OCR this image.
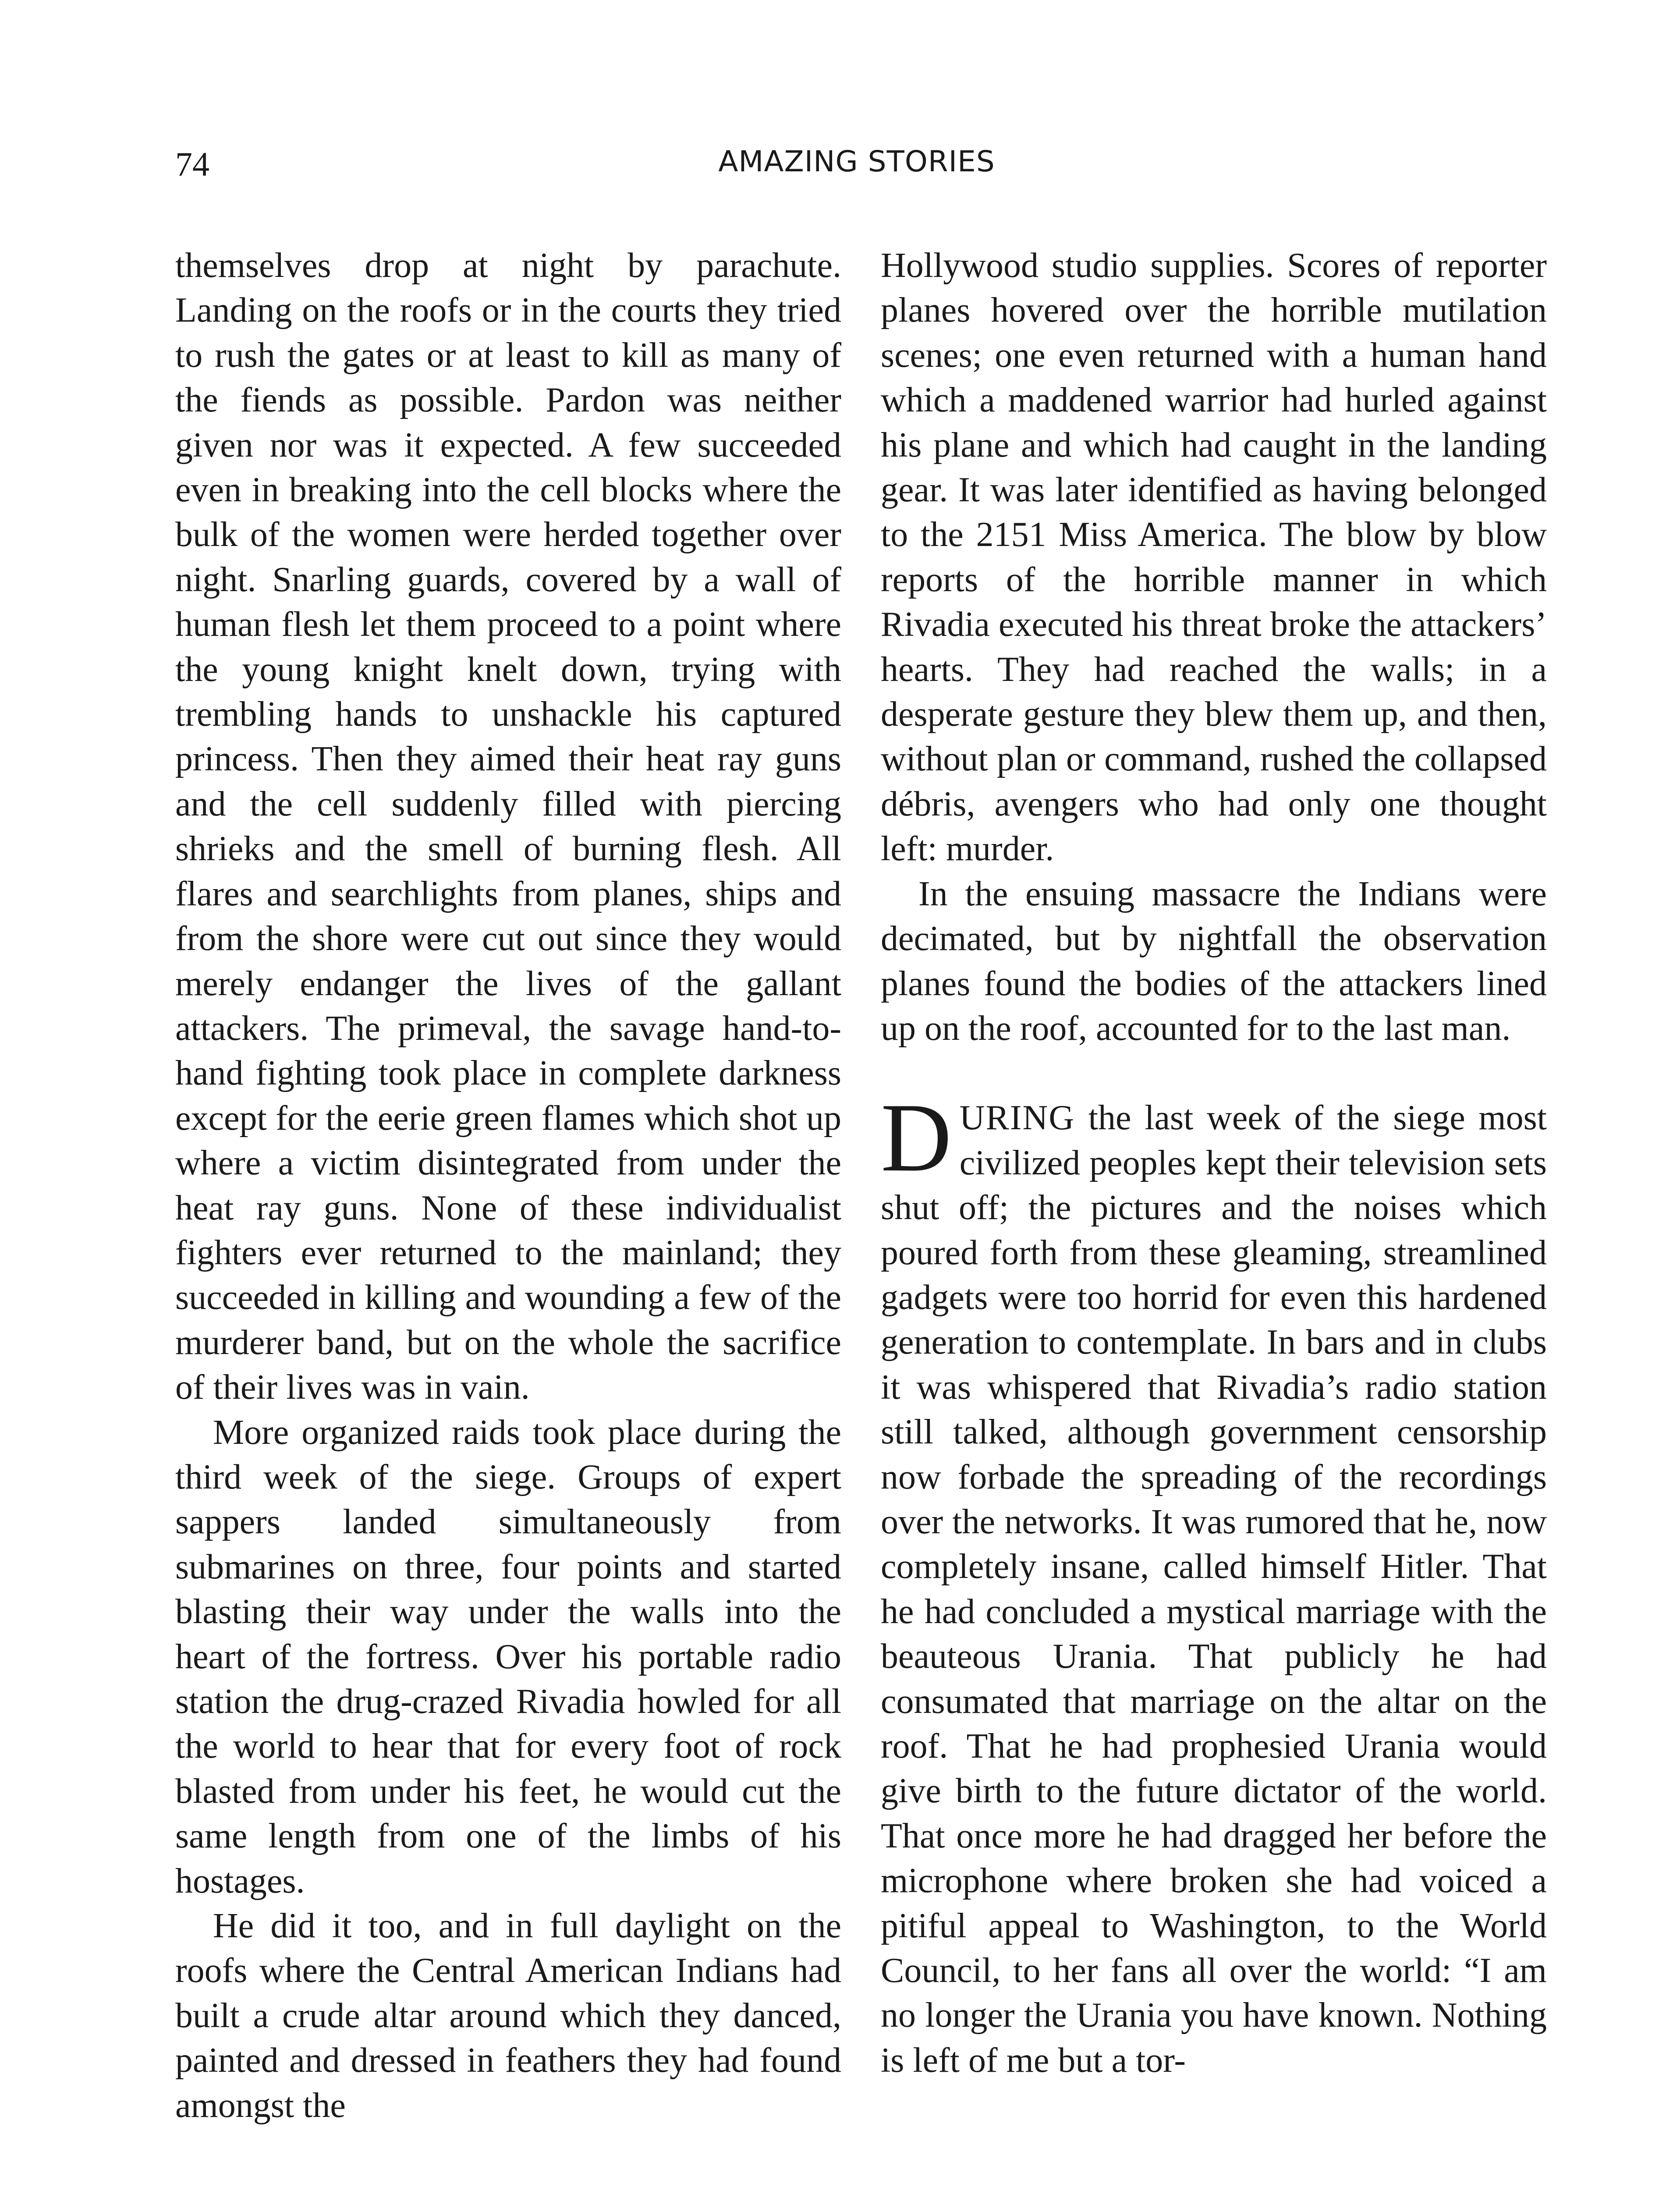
74	AMAZING STORIES

themselves drop at night by parachute. Landing on the roofs or in the courts they tried to rush the gates or at least to kill as many of the fiends as possible. Pardon was neither given nor was it expected. A few succeeded even in breaking into the cell blocks where the bulk of the women were herded together over night. Snarling guards, covered by a wall of human flesh let them proceed to a point where the young knight knelt down, trying with trembling hands to unshackle his captured princess. Then they aimed their heat ray guns and the cell suddenly filled with piercing shrieks and the smell of burning flesh. All flares and searchlights from planes, ships and from the shore were cut out since they would merely endanger the lives of the gallant attackers. The primeval, the savage hand-to-hand fighting took place in complete darkness except for the eerie green flames which shot up where a victim disintegrated from under the heat ray guns. None of these individualist fighters ever returned to the mainland; they succeeded in killing and wounding a few of the murderer band, but on the whole the sacrifice of their lives was in vain.

More organized raids took place during the third week of the siege. Groups of expert sappers landed simultaneously from submarines on three, four points and started blasting their way under the walls into the heart of the fortress. Over his portable radio station the drug-crazed Rivadia howled for all the world to hear that for every foot of rock blasted from under his feet, he would cut the same length from one of the limbs of his hostages.

He did it too, and in full daylight on the roofs where the Central American Indians had built a crude altar around which they danced, painted and dressed in feathers they had found amongst the

Hollywood studio supplies. Scores of reporter planes hovered over the horrible mutilation scenes; one even returned with a human hand which a maddened warrior had hurled against his plane and which had caught in the landing gear. It was later identified as having belonged to the 2151 Miss America. The blow by blow reports of the horrible manner in which Rivadia executed his threat broke the attackers’ hearts. They had reached the walls; in a desperate gesture they blew them up, and then, without plan or command, rushed the collapsed débris, avengers who had only one thought left: murder.

In the ensuing massacre the Indians were decimated, but by nightfall the observation planes found the bodies of the attackers lined up on the roof, accounted for to the last man.

DURING the last week of the siege most civilized peoples kept their television sets shut off; the pictures and the noises which poured forth from these gleaming, streamlined gadgets were too horrid for even this hardened generation to contemplate. In bars and in clubs it was whispered that Rivadia’s radio station still talked, although government censorship now forbade the spreading of the recordings over the networks. It was rumored that he, now completely insane, called himself Hitler. That he had concluded a mystical marriage with the beauteous Urania. That publicly he had consumated that marriage on the altar on the roof. That he had prophesied Urania would give birth to the future dictator of the world. That once more he had dragged her before the microphone where broken she had voiced a pitiful appeal to Washington, to the World Council, to her fans all over the world: “I am no longer the Urania you have known. Nothing is left of me but a tor-
